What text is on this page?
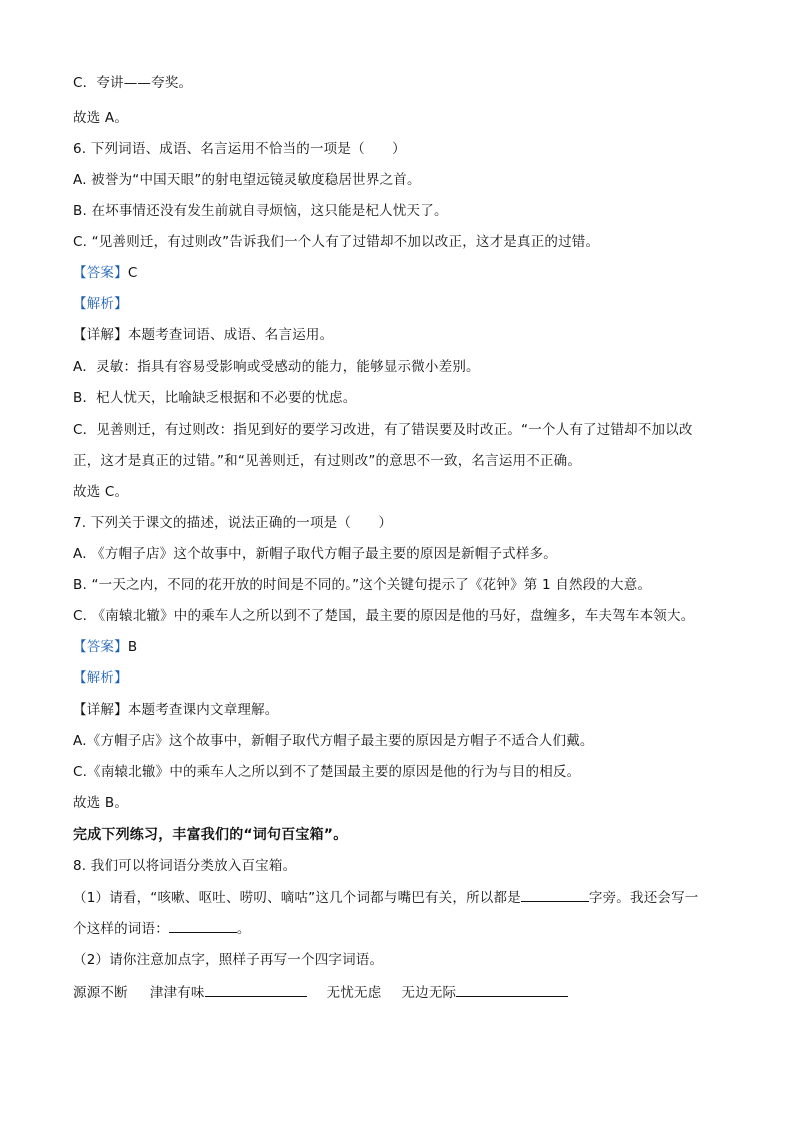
C．夸讲——夸奖。
故选 A。
6. 下列词语、成语、名言运用不恰当的一项是（　　）
A. 被誉为“中国天眼”的射电望远镜灵敏度稳居世界之首。
B. 在坏事情还没有发生前就自寻烦恼，这只能是杞人忧天了。
C. “见善则迁，有过则改”告诉我们一个人有了过错却不加以改正，这才是真正的过错。
【答案】C
【解析】
【详解】本题考查词语、成语、名言运用。
A．灵敏：指具有容易受影响或受感动的能力，能够显示微小差别。
B．杞人忧天，比喻缺乏根据和不必要的忧虑。
C．见善则迁，有过则改：指见到好的要学习改进，有了错误要及时改正。“一个人有了过错却不加以改
正，这才是真正的过错。”和“见善则迁，有过则改”的意思不一致，名言运用不正确。
故选 C。
7. 下列关于课文的描述，说法正确的一项是（　　）
A. 《方帽子店》这个故事中，新帽子取代方帽子最主要的原因是新帽子式样多。
B. “一天之内，不同的花开放的时间是不同的。”这个关键句提示了《花钟》第 1 自然段的大意。
C. 《南辕北辙》中的乘车人之所以到不了楚国，最主要的原因是他的马好，盘缠多，车夫驾车本领大。
【答案】B
【解析】
【详解】本题考查课内文章理解。
A.《方帽子店》这个故事中，新帽子取代方帽子最主要的原因是方帽子不适合人们戴。
C.《南辕北辙》中的乘车人之所以到不了楚国最主要的原因是他的行为与目的相反。
故选 B。
完成下列练习，丰富我们的“词句百宝箱”。
8. 我们可以将词语分类放入百宝箱。
（1）请看，“咳嗽、呕吐、唠叨、嘀咕”这几个词都与嘴巴有关，所以都是	字旁。我还会写一
个这样的词语：	。
（2）请你注意加点字，照样子再写一个四字词语。
源源不断 津津有味	无忧无虑 无边无际
